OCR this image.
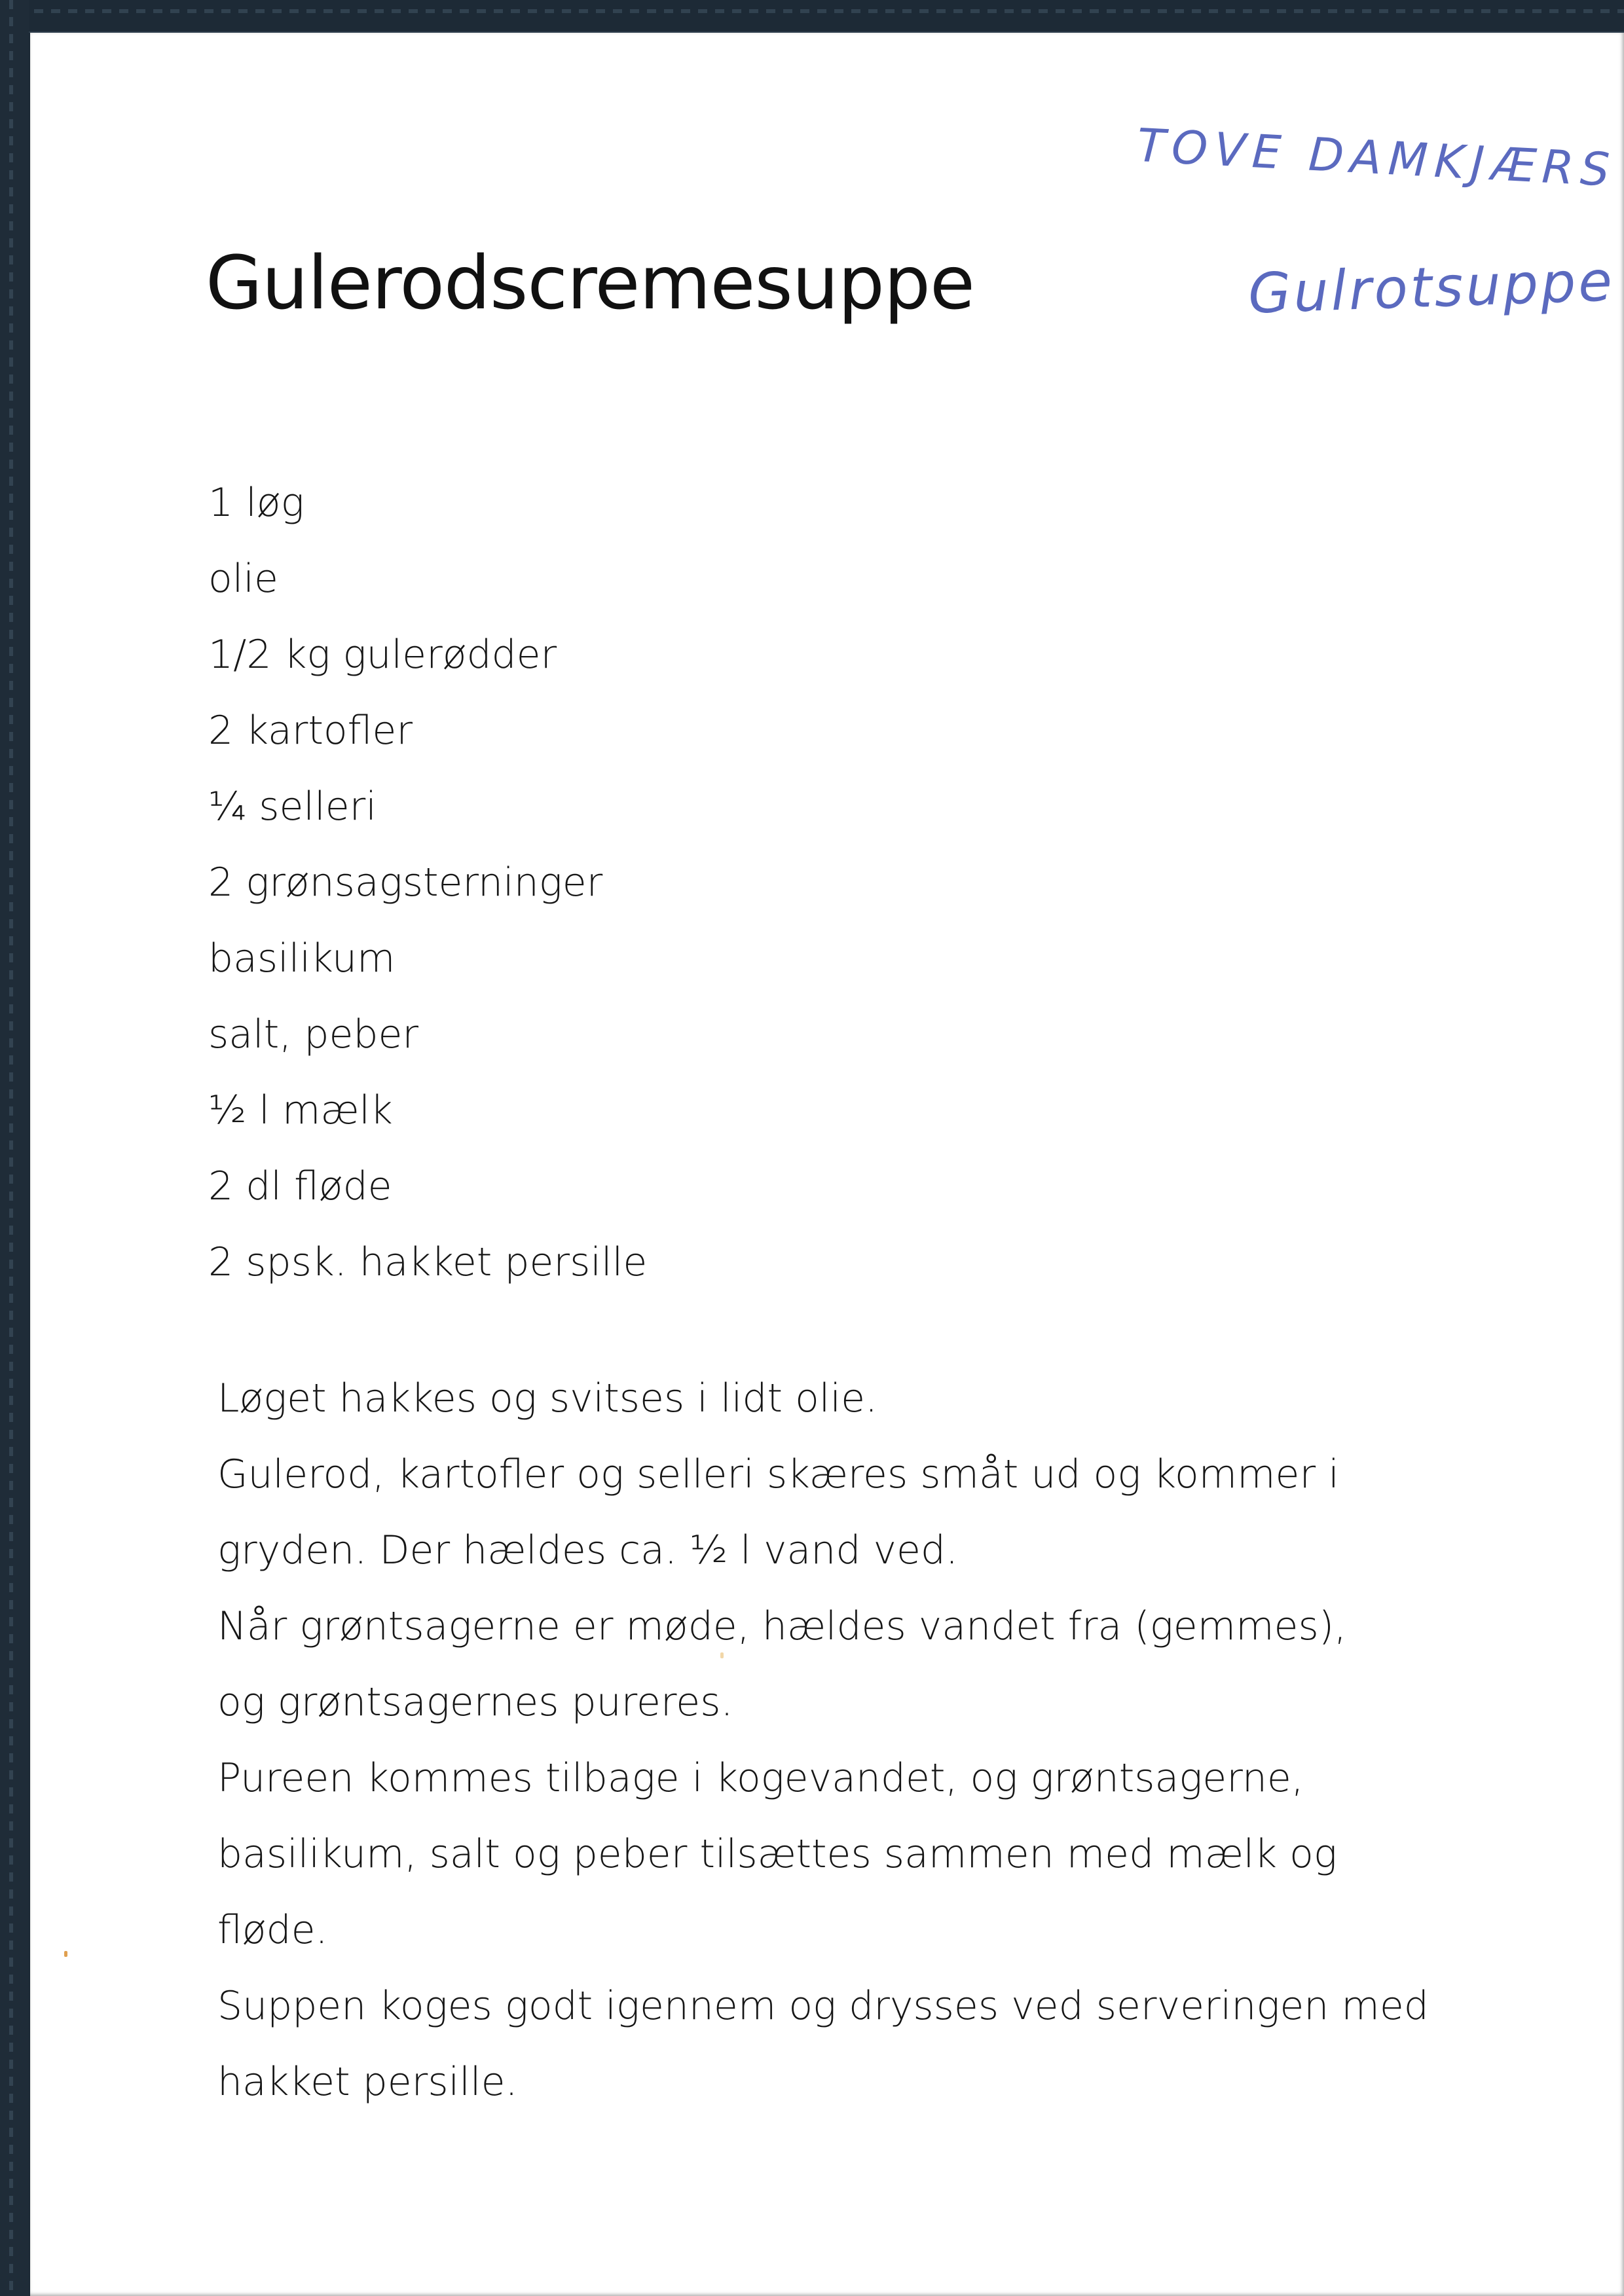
TOVE DAMKJÆRS
Gulrotsuppe
Gulerodscremesuppe
1 løg
olie
1/2 kg gulerødder
2 kartofler
¼ selleri
2 grønsagsterninger
basilikum
salt, peber
½ l mælk
2 dl fløde
2 spsk. hakket persille
Løget hakkes og svitses i lidt olie.
Gulerod, kartofler og selleri skæres småt ud og kommer i
gryden. Der hældes ca. ½ l vand ved.
Når grøntsagerne er møde, hældes vandet fra (gemmes),
og grøntsagernes pureres.
Pureen kommes tilbage i kogevandet, og grøntsagerne,
basilikum, salt og peber tilsættes sammen med mælk og
fløde.
Suppen koges godt igennem og drysses ved serveringen med
hakket persille.
